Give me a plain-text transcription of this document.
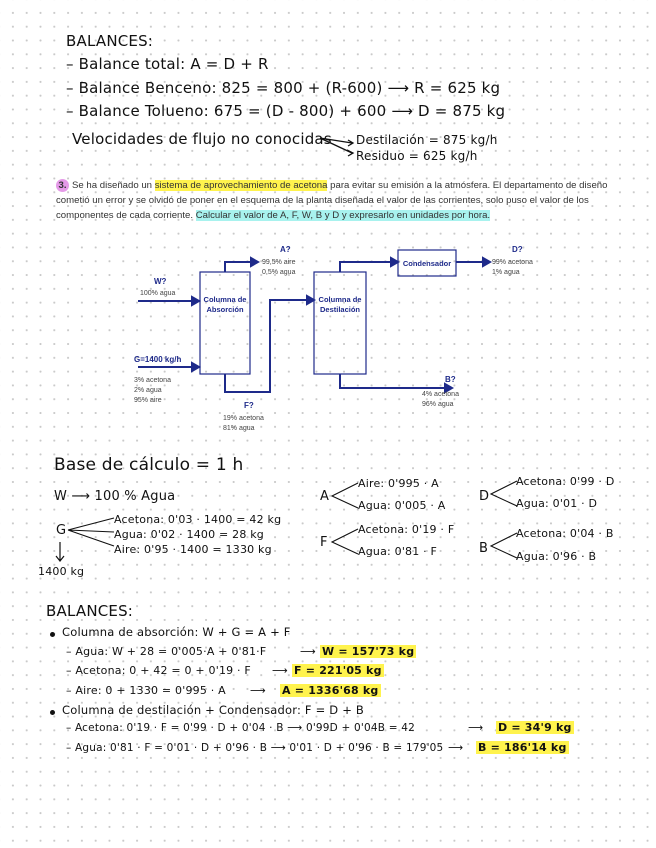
BALANCES:
– Balance total: A = D + R
– Balance Benceno: 825 = 800 + (R-600) ⟶ R = 625 kg
– Balance Tolueno: 675 = (D - 800) + 600 ⟶ D = 875 kg
Velocidades de flujo no conocidas Destilación = 875 kg/h
Residuo = 625 kg/h
3. Se ha diseñado un sistema de aprovechamiento de acetona para evitar su emisión a la atmósfera. El departamento de diseño cometió un error y se olvidó de poner en el esquema de la planta diseñada el valor de las corrientes, solo puso el valor de los componentes de cada corriente. Calcular el valor de A, F, W, B y D y expresarlo en unidades por hora.
Columna de
Absorción
Columna de
Destilación
Condensador
W?
100% agua
G=1400 kg/h
3% acetona
2% agua
95% aire
A?
99,5% aire
0,5% agua
F?
19% acetona
81% agua
D?
99% acetona
1% agua
B?
4% acetona
96% agua
Base de cálculo = 1 h
W ⟶ 100 % Agua
G
Acetona: 0'03 · 1400 = 42 kg
Agua: 0'02 · 1400 = 28 kg
Aire: 0'95 · 1400 = 1330 kg
1400 kg
A
Aire: 0'995 · A
Agua: 0'005 · A
F
Acetona: 0'19 · F
Agua: 0'81 · F
D
Acetona: 0'99 · D
Agua: 0'01 · D
B
Acetona: 0'04 · B
Agua: 0'96 · B
BALANCES:
Columna de absorción: W + G = A + F
– Agua: W + 28 = 0'005·A + 0'81·F	⟶ W = 157'73 kg
– Acetona: 0 + 42 = 0 + 0'19 · F ⟶ F = 221'05 kg
– Aire: 0 + 1330 = 0'995 · A ⟶ A = 1336'68 kg
Columna de destilación + Condensador: F = D + B
– Acetona: 0'19 · F = 0'99 · D + 0'04 · B ⟶ 0'99D + 0'04B = 42	⟶ D = 34'9 kg
– Agua: 0'81 · F = 0'01 · D + 0'96 · B ⟶ 0'01 · D + 0'96 · B = 179'05 ⟶ B = 186'14 kg
